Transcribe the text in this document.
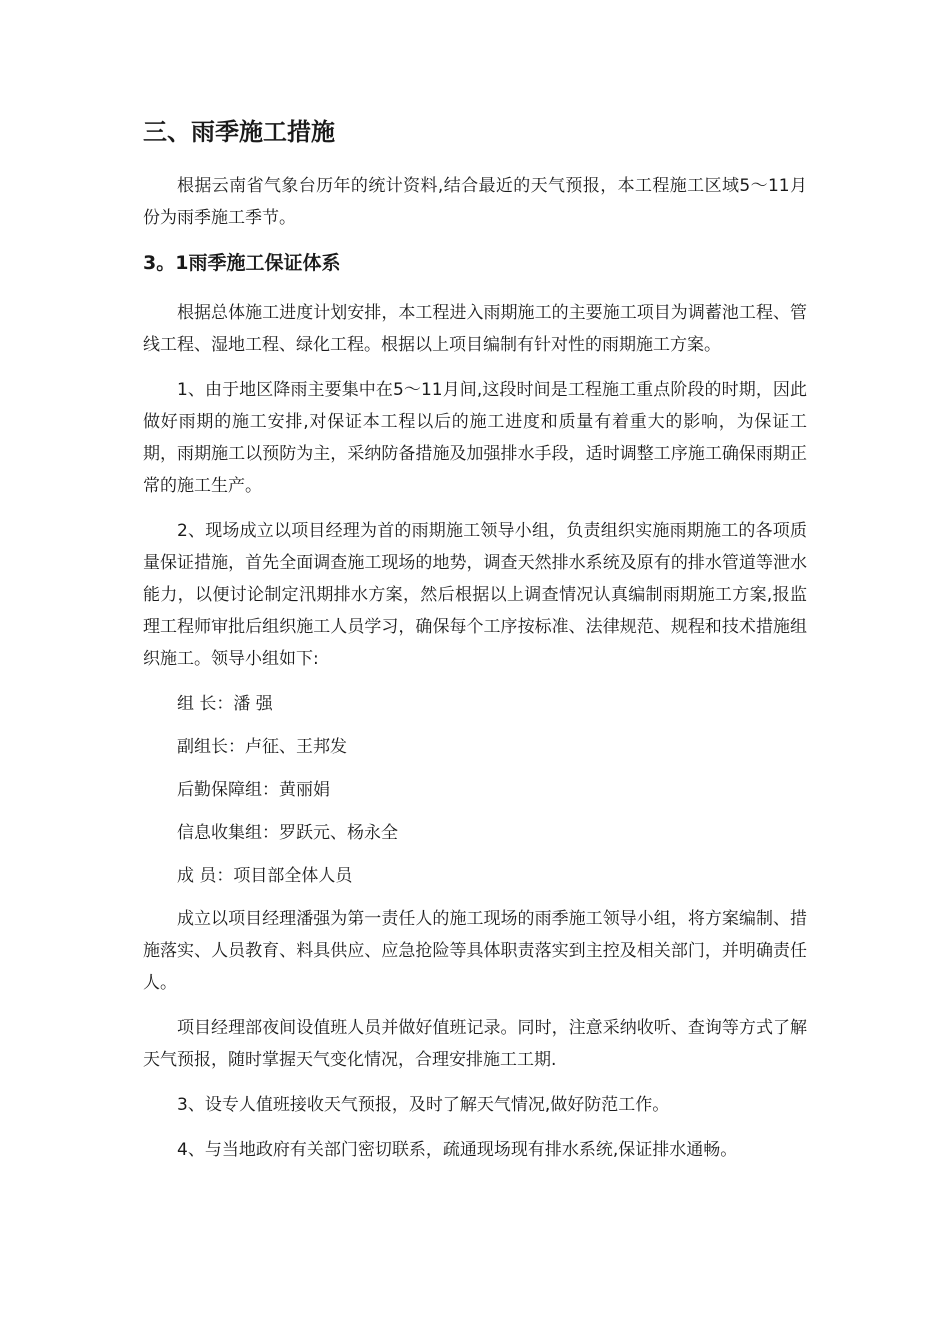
三、雨季施工措施

根据云南省气象台历年的统计资料,结合最近的天气预报，本工程施工区域5～11月份为雨季施工季节。

3。1雨季施工保证体系

根据总体施工进度计划安排，本工程进入雨期施工的主要施工项目为调蓄池工程、管线工程、湿地工程、绿化工程。根据以上项目编制有针对性的雨期施工方案。

1、由于地区降雨主要集中在5～11月间,这段时间是工程施工重点阶段的时期，因此做好雨期的施工安排,对保证本工程以后的施工进度和质量有着重大的影响，为保证工期，雨期施工以预防为主，采纳防备措施及加强排水手段，适时调整工序施工确保雨期正常的施工生产。

2、现场成立以项目经理为首的雨期施工领导小组，负责组织实施雨期施工的各项质量保证措施，首先全面调查施工现场的地势，调查天然排水系统及原有的排水管道等泄水能力，以便讨论制定汛期排水方案，然后根据以上调查情况认真编制雨期施工方案,报监理工程师审批后组织施工人员学习，确保每个工序按标准、法律规范、规程和技术措施组织施工。领导小组如下:

组 长：潘 强

副组长：卢征、王邦发

后勤保障组：黄丽娟

信息收集组：罗跃元、杨永全

成 员：项目部全体人员

成立以项目经理潘强为第一责任人的施工现场的雨季施工领导小组，将方案编制、措施落实、人员教育、料具供应、应急抢险等具体职责落实到主控及相关部门，并明确责任人。

项目经理部夜间设值班人员并做好值班记录。同时，注意采纳收听、查询等方式了解天气预报，随时掌握天气变化情况，合理安排施工工期.

3、设专人值班接收天气预报，及时了解天气情况,做好防范工作。

4、与当地政府有关部门密切联系，疏通现场现有排水系统,保证排水通畅。
